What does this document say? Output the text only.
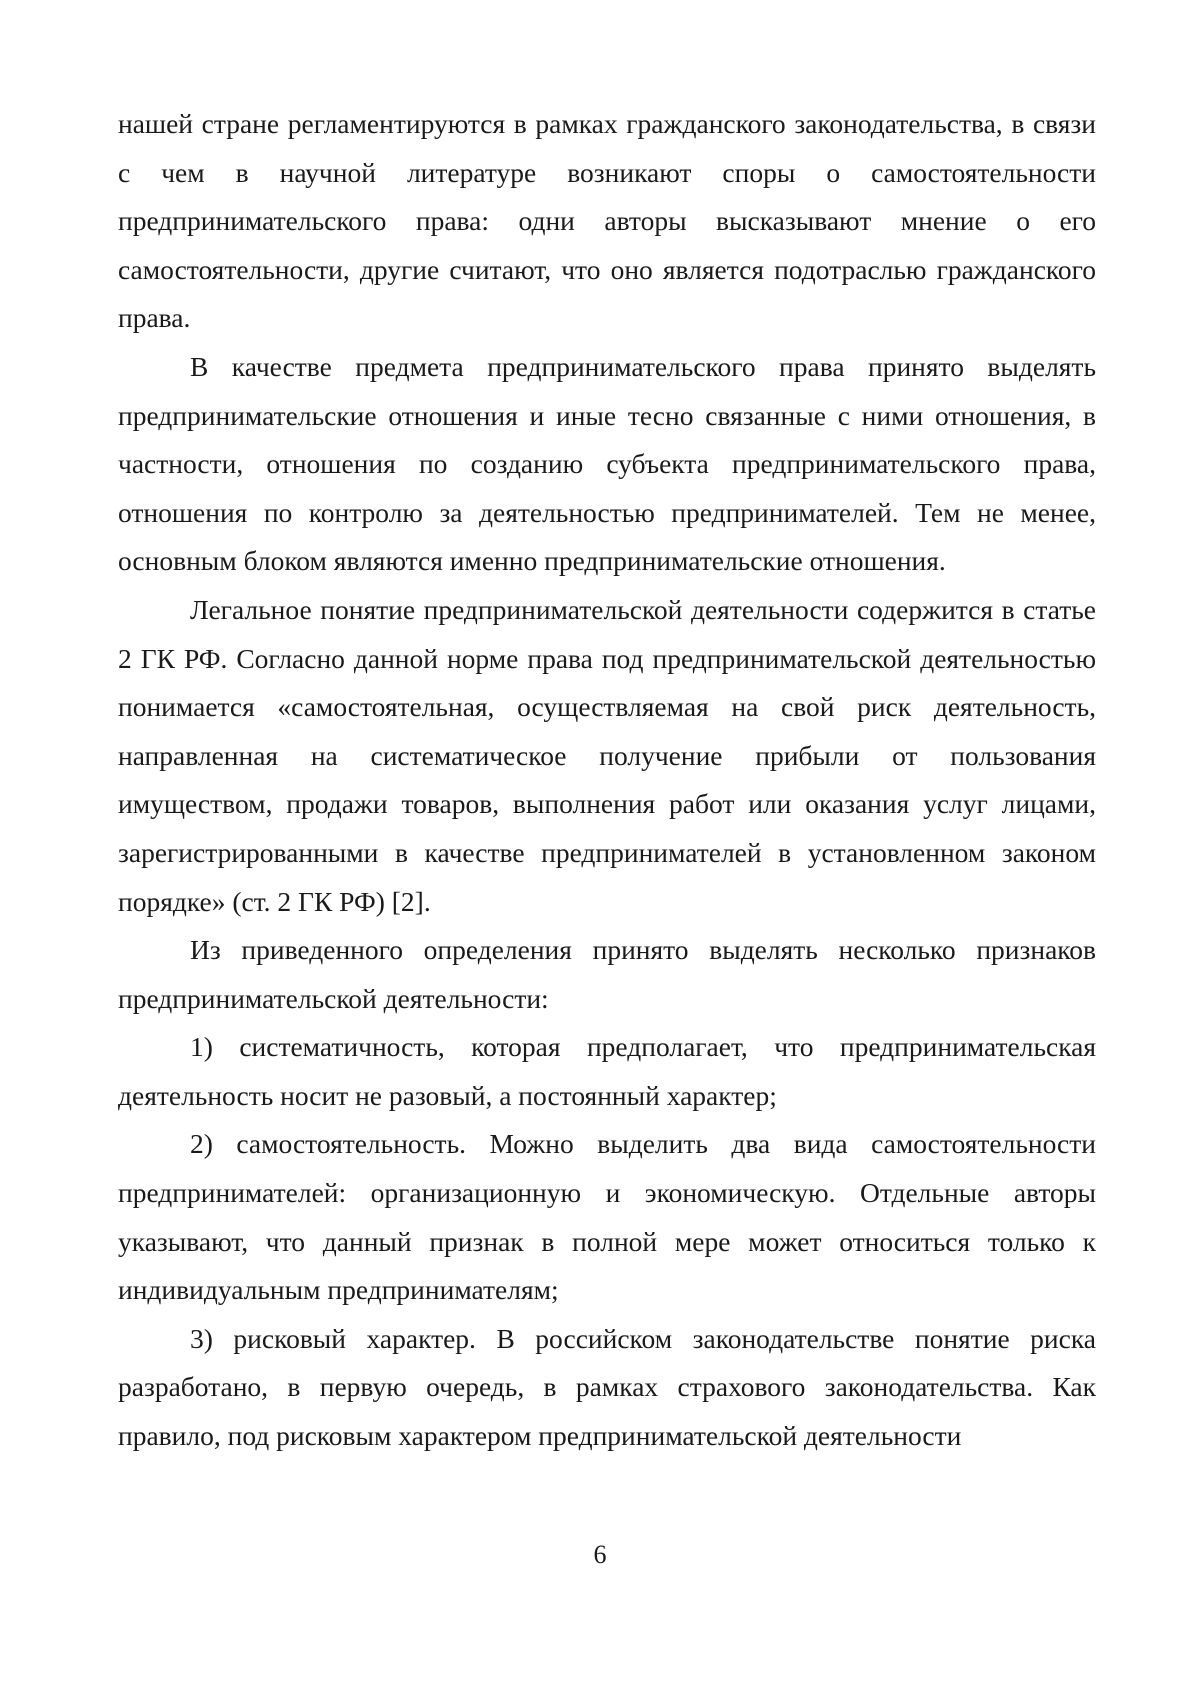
нашей стране регламентируются в рамках гражданского законодательства, в связи с чем в научной литературе возникают споры о самостоятельности предпринимательского права: одни авторы высказывают мнение о его самостоятельности, другие считают, что оно является подотраслью гражданского права.

В качестве предмета предпринимательского права принято выделять предпринимательские отношения и иные тесно связанные с ними отношения, в частности, отношения по созданию субъекта предпринимательского права, отношения по контролю за деятельностью предпринимателей. Тем не менее, основным блоком являются именно предпринимательские отношения.

Легальное понятие предпринимательской деятельности содержится в статье 2 ГК РФ. Согласно данной норме права под предпринимательской деятельностью понимается «самостоятельная, осуществляемая на свой риск деятельность, направленная на систематическое получение прибыли от пользования имуществом, продажи товаров, выполнения работ или оказания услуг лицами, зарегистрированными в качестве предпринимателей в установленном законом порядке» (ст. 2 ГК РФ) [2].

Из приведенного определения принято выделять несколько признаков предпринимательской деятельности:

1) систематичность, которая предполагает, что предпринимательская деятельность носит не разовый, а постоянный характер;

2) самостоятельность. Можно выделить два вида самостоятельности предпринимателей: организационную и экономическую. Отдельные авторы указывают, что данный признак в полной мере может относиться только к индивидуальным предпринимателям;

3) рисковый характер. В российском законодательстве понятие риска разработано, в первую очередь, в рамках страхового законодательства. Как правило, под рисковым характером предпринимательской деятельности

6
